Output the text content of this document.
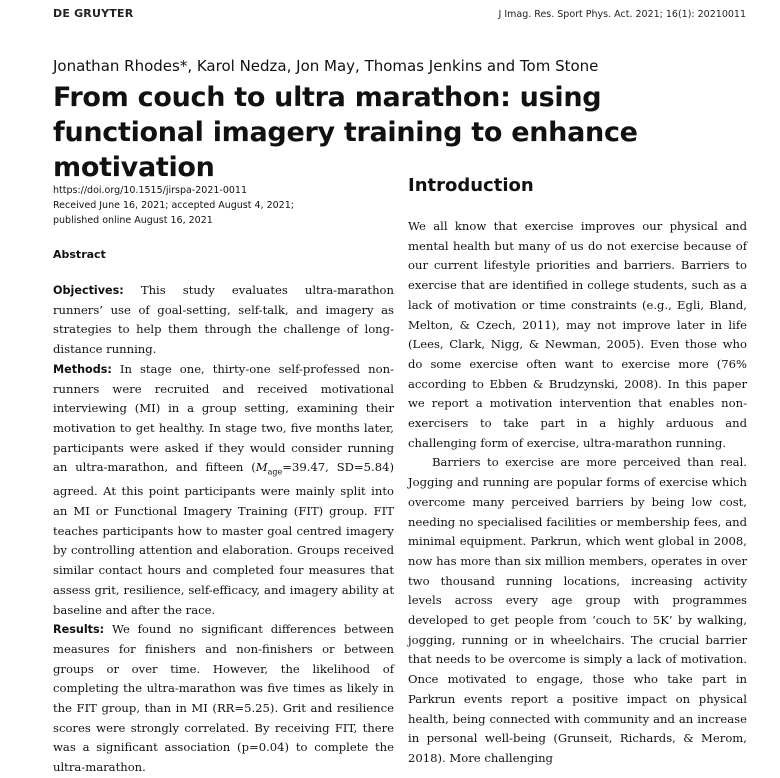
DE GRUYTER	J Imag. Res. Sport Phys. Act. 2021; 16(1): 20210011
Jonathan Rhodes*, Karol Nedza, Jon May, Thomas Jenkins and Tom Stone
From couch to ultra marathon: using functional imagery training to enhance motivation
https://doi.org/10.1515/jirspa-2021-0011
Received June 16, 2021; accepted August 4, 2021;
published online August 16, 2021
Abstract

Objectives: This study evaluates ultra-marathon runners’ use of goal-setting, self-talk, and imagery as strategies to help them through the challenge of long-distance running.
Methods: In stage one, thirty-one self-professed non-runners were recruited and received motivational interviewing (MI) in a group setting, examining their motivation to get healthy. In stage two, five months later, participants were asked if they would consider running an ultra-marathon, and fifteen ($M_{age}=39.47$, SD=5.84) agreed. At this point participants were mainly split into an MI or Functional Imagery Training (FIT) group. FIT teaches participants how to master goal centred imagery by controlling attention and elaboration. Groups received similar contact hours and completed four measures that assess grit, resilience, self-efficacy, and imagery ability at baseline and after the race.
Results: We found no significant differences between measures for finishers and non-finishers or between groups or over time. However, the likelihood of completing the ultra-marathon was five times as likely in the FIT group, than in MI (RR=5.25). Grit and resilience scores were strongly correlated. By receiving FIT, there was a significant association (p=0.04) to complete the ultra-marathon.

Introduction

We all know that exercise improves our physical and mental health but many of us do not exercise because of our current lifestyle priorities and barriers. Barriers to exercise that are identified in college students, such as a lack of motivation or time constraints (e.g., Egli, Bland, Melton, & Czech, 2011), may not improve later in life (Lees, Clark, Nigg, & Newman, 2005). Even those who do some exercise often want to exercise more (76% according to Ebben & Brudzynski, 2008). In this paper we report a motivation intervention that enables non-exercisers to take part in a highly arduous and challenging form of exercise, ultra-marathon running.

Barriers to exercise are more perceived than real. Jogging and running are popular forms of exercise which overcome many perceived barriers by being low cost, needing no specialised facilities or membership fees, and minimal equipment. Parkrun, which went global in 2008, now has more than six million members, operates in over two thousand running locations, increasing activity levels across every age group with programmes developed to get people from ‘couch to 5K’ by walking, jogging, running or in wheelchairs. The crucial barrier that needs to be overcome is simply a lack of motivation. Once motivated to engage, those who take part in Parkrun events report a positive impact on physical health, being connected with community and an increase in personal well-being (Grunseit, Richards, & Merom, 2018). More challenging
